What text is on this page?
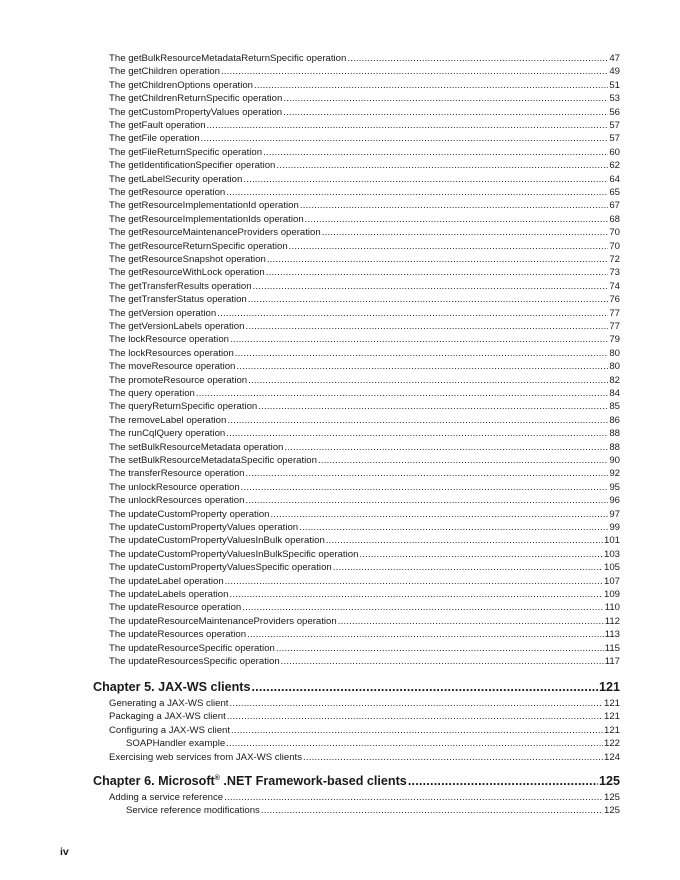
The getBulkResourceMetadataReturnSpecific operation .....	47
The getChildren operation .....	49
The getChildrenOptions operation .....	51
The getChildrenReturnSpecific operation .....	53
The getCustomPropertyValues operation .....	56
The getFault operation .....	57
The getFile operation .....	57
The getFileReturnSpecific operation .....	60
The getIdentificationSpecifier operation .....	62
The getLabelSecurity operation .....	64
The getResource operation .....	65
The getResourceImplementationId operation .....	67
The getResourceImplementationIds operation .....	68
The getResourceMaintenanceProviders operation .....	70
The getResourceReturnSpecific operation .....	70
The getResourceSnapshot operation .....	72
The getResourceWithLock operation .....	73
The getTransferResults operation .....	74
The getTransferStatus operation .....	76
The getVersion operation .....	77
The getVersionLabels operation .....	77
The lockResource operation .....	79
The lockResources operation .....	80
The moveResource operation .....	80
The promoteResource operation .....	82
The query operation .....	84
The queryReturnSpecific operation .....	85
The removeLabel operation .....	86
The runCqlQuery operation .....	88
The setBulkResourceMetadata operation .....	88
The setBulkResourceMetadataSpecific operation .....	90
The transferResource operation .....	92
The unlockResource operation .....	95
The unlockResources operation .....	96
The updateCustomProperty operation .....	97
The updateCustomPropertyValues operation .....	99
The updateCustomPropertyValuesInBulk operation .....	101
The updateCustomPropertyValuesInBulkSpecific operation .....	103
The updateCustomPropertyValuesSpecific operation .....	105
The updateLabel operation .....	107
The updateLabels operation .....	109
The updateResource operation .....	110
The updateResourceMaintenanceProviders operation .....	112
The updateResources operation .....	113
The updateResourceSpecific operation .....	115
The updateResourcesSpecific operation .....	117
Chapter 5. JAX-WS clients .....	121
Generating a JAX-WS client .....	121
Packaging a JAX-WS client .....	121
Configuring a JAX-WS client .....	121
SOAPHandler example .....	122
Exercising web services from JAX-WS clients .....	124
Chapter 6. Microsoft® .NET Framework-based clients .....	125
Adding a service reference .....	125
Service reference modifications .....	125
iv
